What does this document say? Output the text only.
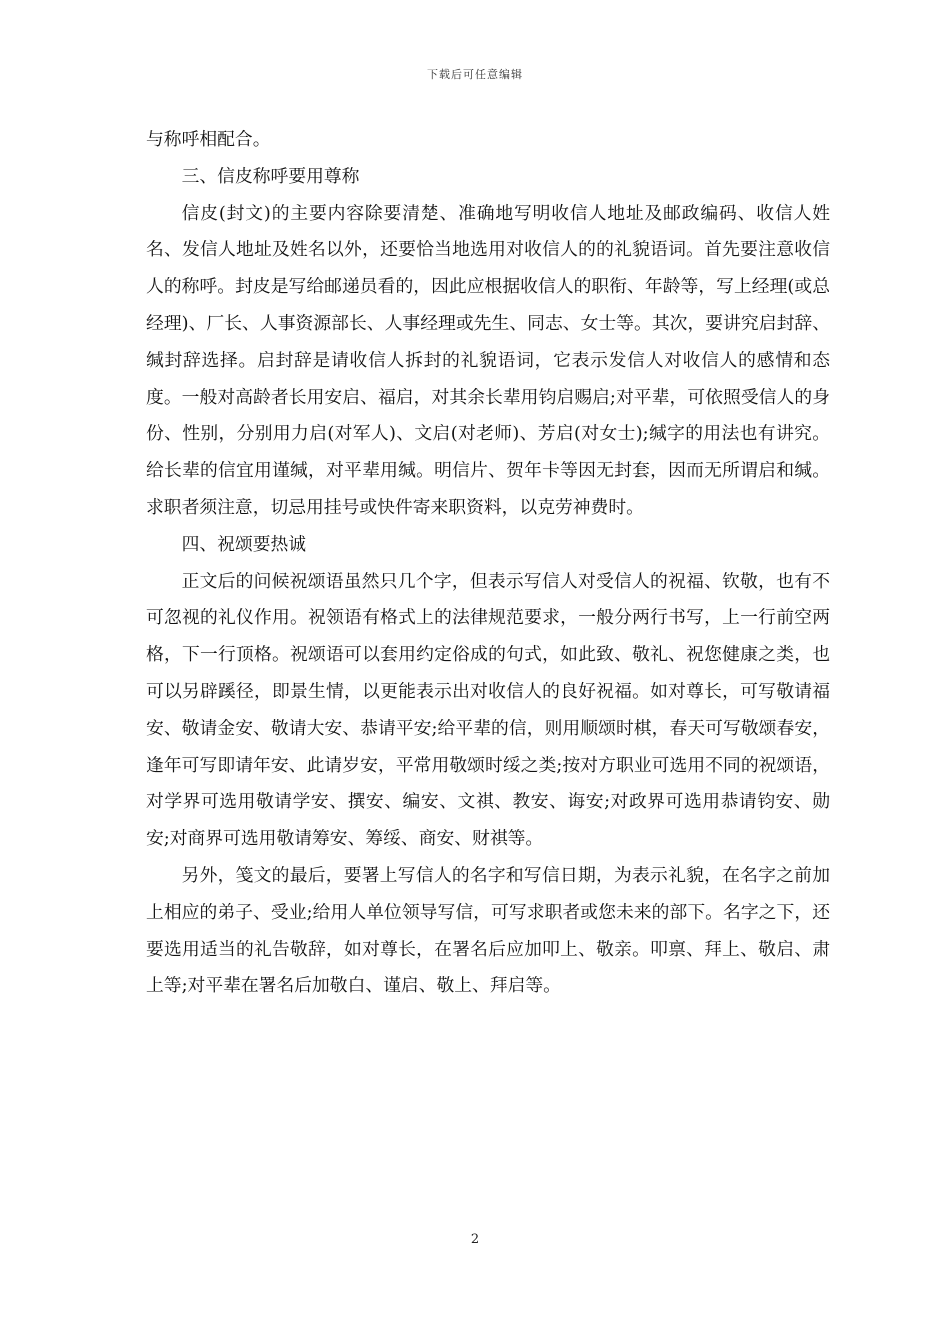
下载后可任意编辑

与称呼相配合。

三、信皮称呼要用尊称

信皮(封文)的主要内容除要清楚、准确地写明收信人地址及邮政编码、收信人姓名、发信人地址及姓名以外，还要恰当地选用对收信人的的礼貌语词。首先要注意收信人的称呼。封皮是写给邮递员看的，因此应根据收信人的职衔、年龄等，写上经理(或总经理)、厂长、人事资源部长、人事经理或先生、同志、女士等。其次，要讲究启封辞、缄封辞选择。启封辞是请收信人拆封的礼貌语词，它表示发信人对收信人的感情和态度。一般对高龄者长用安启、福启，对其余长辈用钧启赐启;对平辈，可依照受信人的身份、性别，分别用力启(对军人)、文启(对老师)、芳启(对女士);缄字的用法也有讲究。给长辈的信宜用谨缄，对平辈用缄。明信片、贺年卡等因无封套，因而无所谓启和缄。求职者须注意，切忌用挂号或快件寄来职资料，以克劳神费时。

四、祝颂要热诚

正文后的问候祝颂语虽然只几个字，但表示写信人对受信人的祝福、钦敬，也有不可忽视的礼仪作用。祝领语有格式上的法律规范要求，一般分两行书写，上一行前空两格，下一行顶格。祝颂语可以套用约定俗成的句式，如此致、敬礼、祝您健康之类，也可以另辟蹊径，即景生情，以更能表示出对收信人的良好祝福。如对尊长，可写敬请福安、敬请金安、敬请大安、恭请平安;给平辈的信，则用顺颂时棋，春天可写敬颂春安，逢年可写即请年安、此请岁安，平常用敬颂时绥之类;按对方职业可选用不同的祝颂语，对学界可选用敬请学安、撰安、编安、文祺、教安、诲安;对政界可选用恭请钧安、勋安;对商界可选用敬请筹安、筹绥、商安、财祺等。

另外，笺文的最后，要署上写信人的名字和写信日期，为表示礼貌，在名字之前加上相应的弟子、受业;给用人单位领导写信，可写求职者或您未来的部下。名字之下，还要选用适当的礼告敬辞，如对尊长，在署名后应加叩上、敬亲。叩禀、拜上、敬启、肃上等;对平辈在署名后加敬白、谨启、敬上、拜启等。

2
